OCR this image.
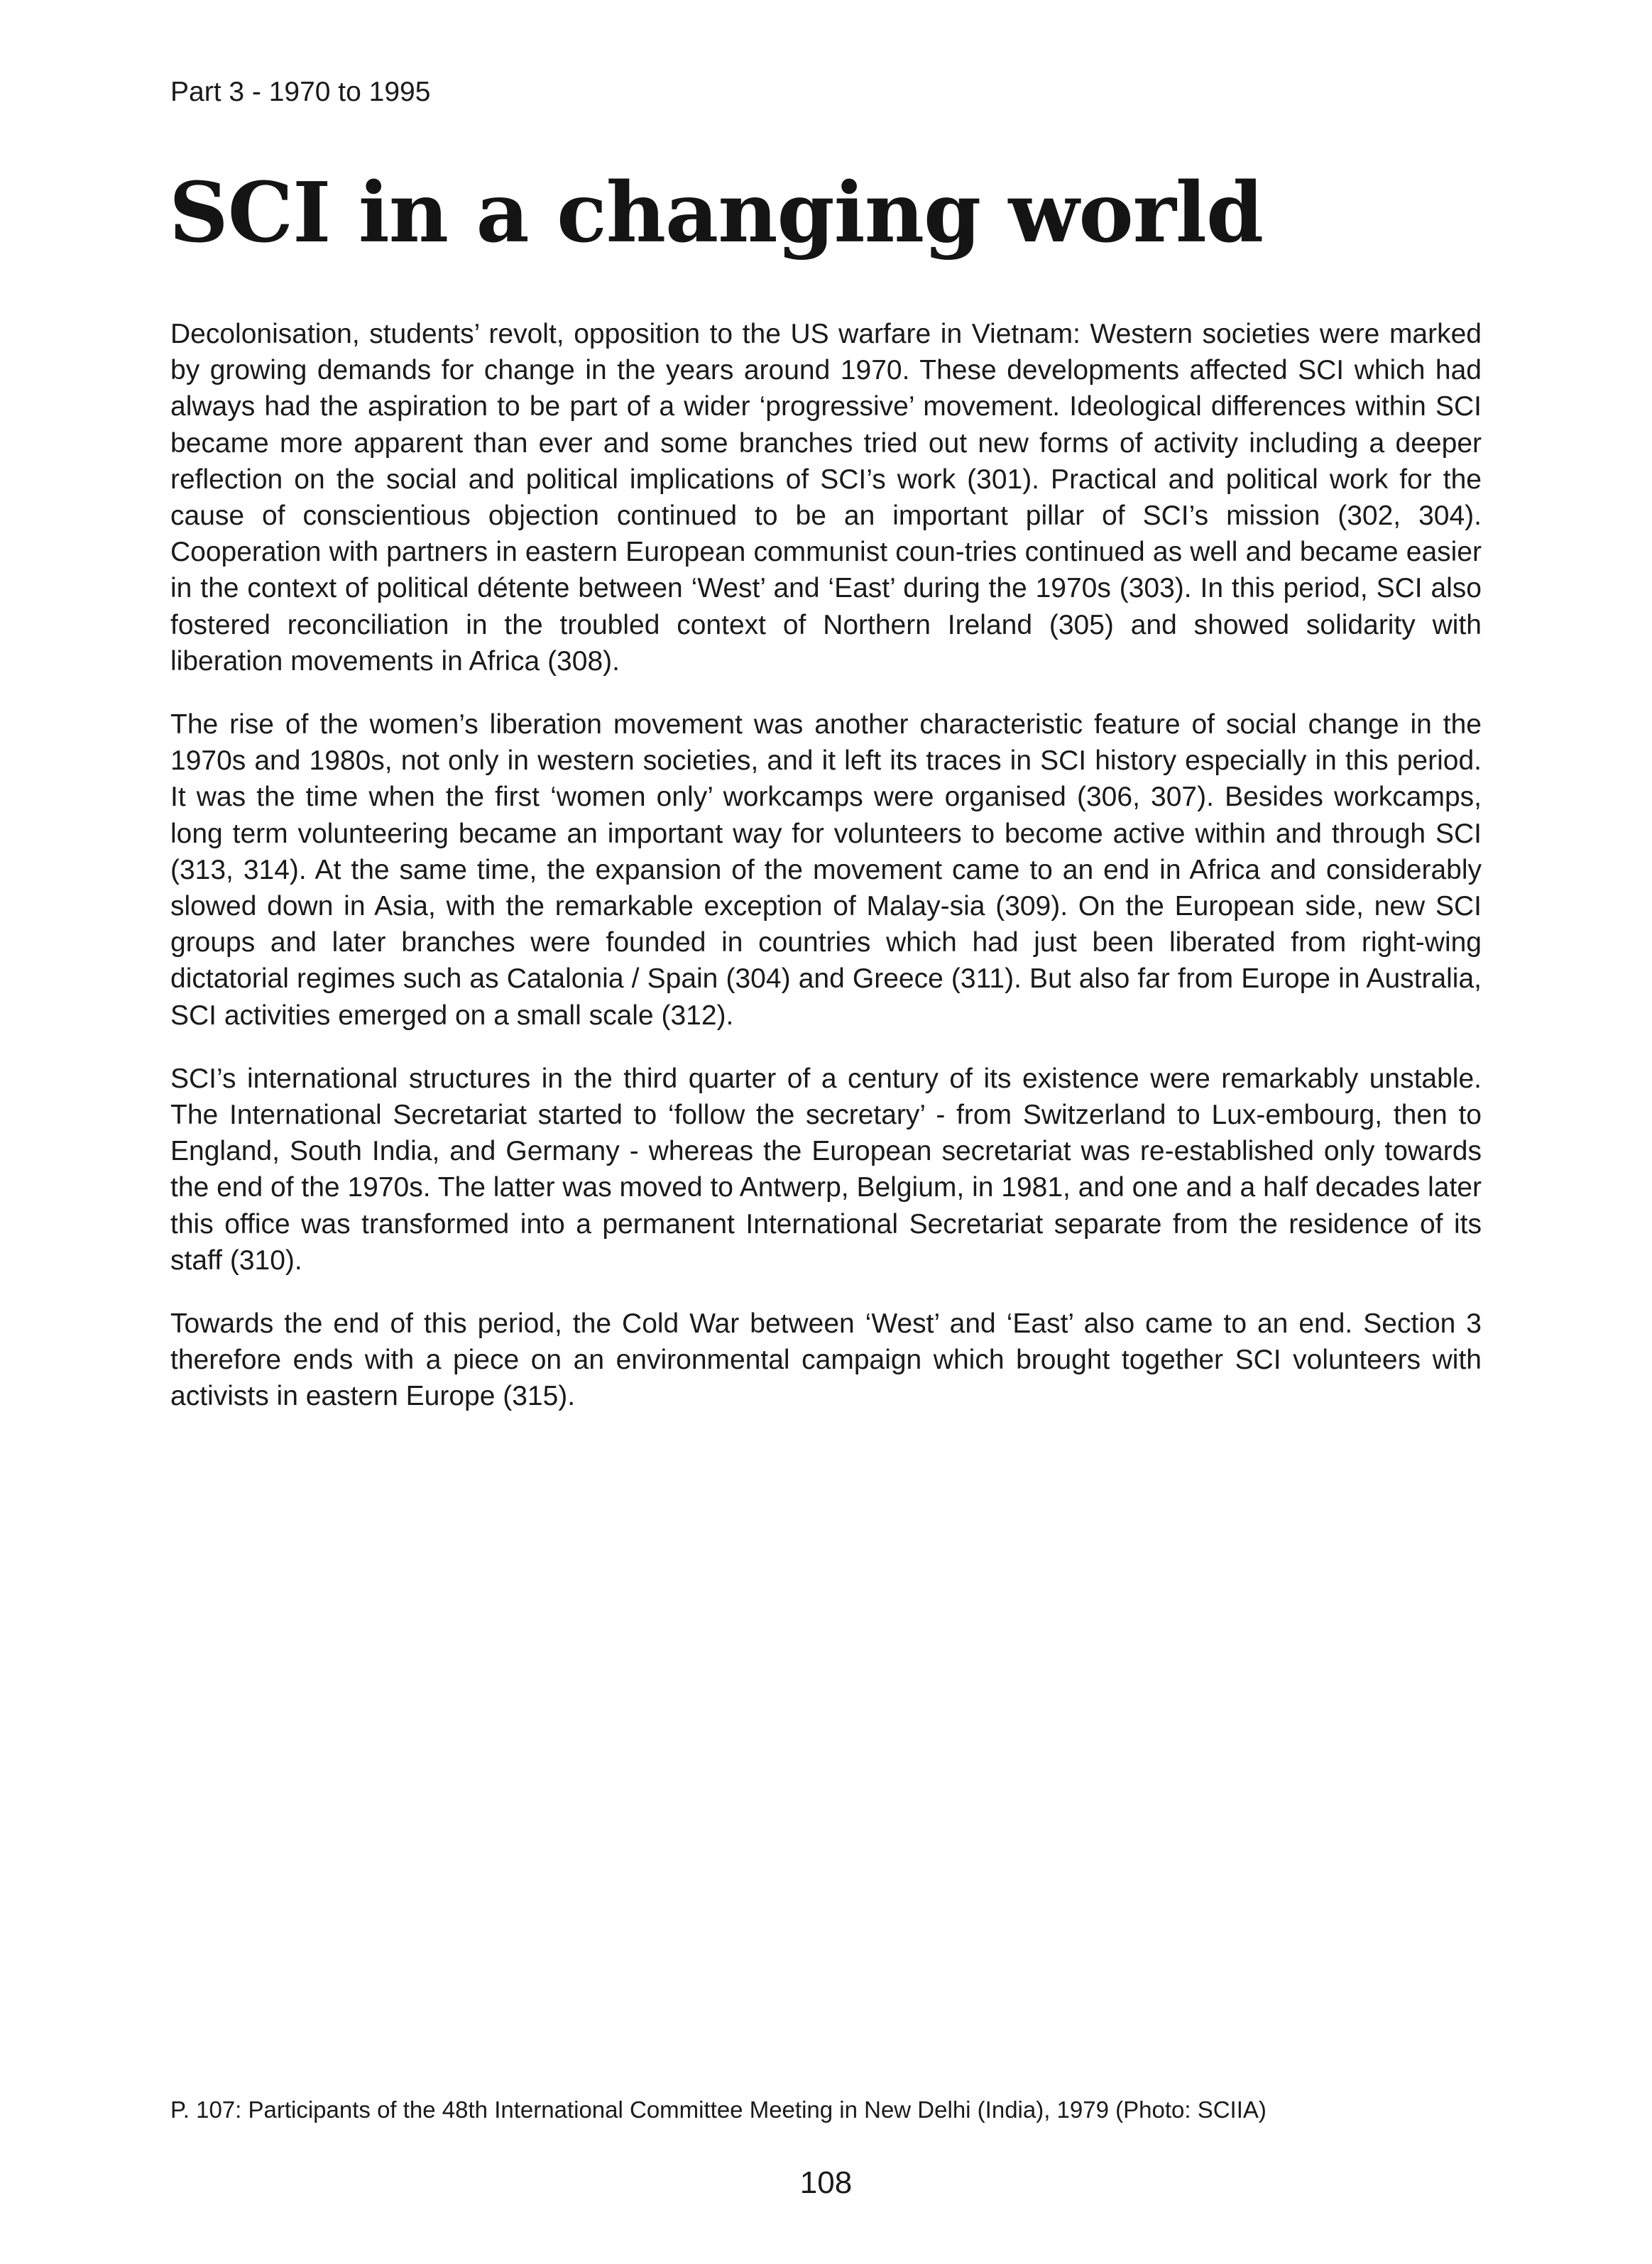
Part 3 - 1970 to 1995

SCI in a changing world

Decolonisation, students’ revolt, opposition to the US warfare in Vietnam: Western societies were marked by growing demands for change in the years around 1970. These developments affected SCI which had always had the aspiration to be part of a wider ‘progressive’ movement. Ideological differences within SCI became more apparent than ever and some branches tried out new forms of activity including a deeper reflection on the social and political implications of SCI’s work (301). Practical and political work for the cause of conscientious objection continued to be an important pillar of SCI’s mission (302, 304). Cooperation with partners in eastern European communist coun-tries continued as well and became easier in the context of political détente between ‘West’ and ‘East’ during the 1970s (303). In this period, SCI also fostered reconciliation in the troubled context of Northern Ireland (305) and showed solidarity with liberation movements in Africa (308).

The rise of the women’s liberation movement was another characteristic feature of social change in the 1970s and 1980s, not only in western societies, and it left its traces in SCI history especially in this period. It was the time when the first ‘women only’ workcamps were organised (306, 307). Besides workcamps, long term volunteering became an important way for volunteers to become active within and through SCI (313, 314). At the same time, the expansion of the movement came to an end in Africa and considerably slowed down in Asia, with the remarkable exception of Malay-sia (309). On the European side, new SCI groups and later branches were founded in countries which had just been liberated from right-wing dictatorial regimes such as Catalonia / Spain (304) and Greece (311). But also far from Europe in Australia, SCI activities emerged on a small scale (312).

SCI’s international structures in the third quarter of a century of its existence were remarkably unstable. The International Secretariat started to ‘follow the secretary’ - from Switzerland to Lux-embourg, then to England, South India, and Germany - whereas the European secretariat was re-established only towards the end of the 1970s. The latter was moved to Antwerp, Belgium, in 1981, and one and a half decades later this office was transformed into a permanent International Secretariat separate from the residence of its staff (310).

Towards the end of this period, the Cold War between ‘West’ and ‘East’ also came to an end. Section 3 therefore ends with a piece on an environmental campaign which brought together SCI volunteers with activists in eastern Europe (315).

P. 107: Participants of the 48th International Committee Meeting in New Delhi (India), 1979 (Photo: SCIIA)

108
